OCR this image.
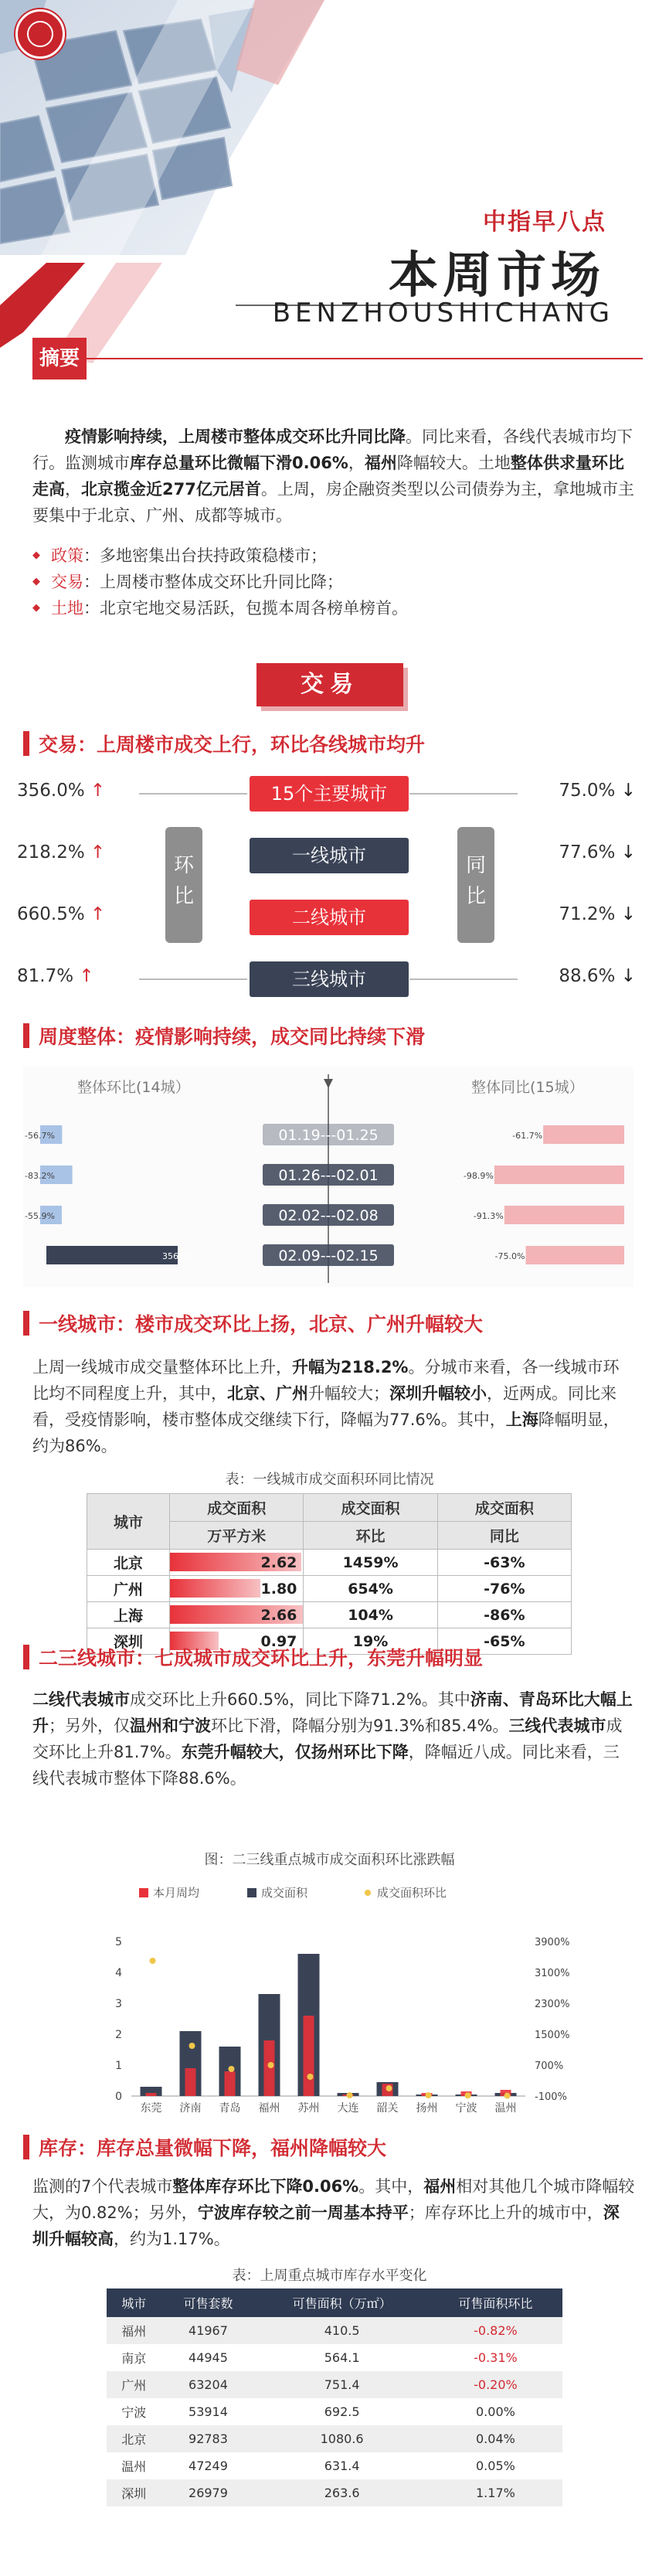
中指早八点
本周市场
BENZHOUSHICHANG
摘要
疫情影响持续，上周楼市整体成交环比升同比降。同比来看，各线代表城市均下行。监测城市库存总量环比微幅下滑0.06%，福州降幅较大。土地整体供求量环比走高，北京揽金近277亿元居首。上周，房企融资类型以公司债券为主，拿地城市主要集中于北京、广州、成都等城市。
◆ 政策：多地密集出台扶持政策稳楼市；
◆ 交易：上周楼市整体成交环比升同比降；
◆ 土地：北京宅地交易活跃，包揽本周各榜单榜首。
交易
交易：上周楼市成交上行，环比各线城市均升
环比
同比
356.0% ↑	15个主要城市	75.0% ↓
218.2% ↑	一线城市	77.6% ↓
660.5% ↑	二线城市	71.2% ↓
81.7% ↑	三线城市	88.6% ↓
周度整体：疫情影响持续，成交同比持续下滑
整体环比(14城）	整体同比(15城）
-56.7%	-61.7%
01.19---01.25
-83.2%	-98.9%
01.26---02.01
-55.9%	-91.3%
02.02---02.08
356.0%	-75.0%
02.09---02.15
一线城市：楼市成交环比上扬，北京、广州升幅较大
上周一线城市成交量整体环比上升，升幅为218.2%。分城市来看，各一线城市环比均不同程度上升，其中，北京、广州升幅较大；深圳升幅较小，近两成。同比来看，受疫情影响，楼市整体成交继续下行，降幅为77.6%。其中，上海降幅明显，约为86%。
表：一线城市成交面积环同比情况
城市	成交面积	成交面积	成交面积
	万平方米	环比	同比
北京	2.62	1459%	-63%
广州	1.80	654%	-76%
上海	2.66	104%	-86%
深圳	0.97	19%	-65%
二三线城市：七成城市成交环比上升，东莞升幅明显
二线代表城市成交环比上升660.5%，同比下降71.2%。其中济南、青岛环比大幅上升；另外，仅温州和宁波环比下滑，降幅分别为91.3%和85.4%。三线代表城市成交环比上升81.7%。东莞升幅较大，仅扬州环比下降，降幅近八成。同比来看，三线代表城市整体下降88.6%。
图：二三线重点城市成交面积环比涨跌幅
本月周均	成交面积	成交面积环比
5
4
3
2
1
0
3900%
3100%
2300%
1500%
700%
-100%
东莞 济南 青岛 福州 苏州 大连 韶关 扬州 宁波 温州
库存：库存总量微幅下降，福州降幅较大
监测的7个代表城市整体库存环比下降0.06%。其中，福州相对其他几个城市降幅较大，为0.82%；另外，宁波库存较之前一周基本持平；库存环比上升的城市中，深圳升幅较高，约为1.17%。
表：上周重点城市库存水平变化
城市	可售套数	可售面积（万㎡）	可售面积环比
福州	41967	410.5	-0.82%
南京	44945	564.1	-0.31%
广州	63204	751.4	-0.20%
宁波	53914	692.5	0.00%
北京	92783	1080.6	0.04%
温州	47249	631.4	0.05%
深圳	26979	263.6	1.17%
